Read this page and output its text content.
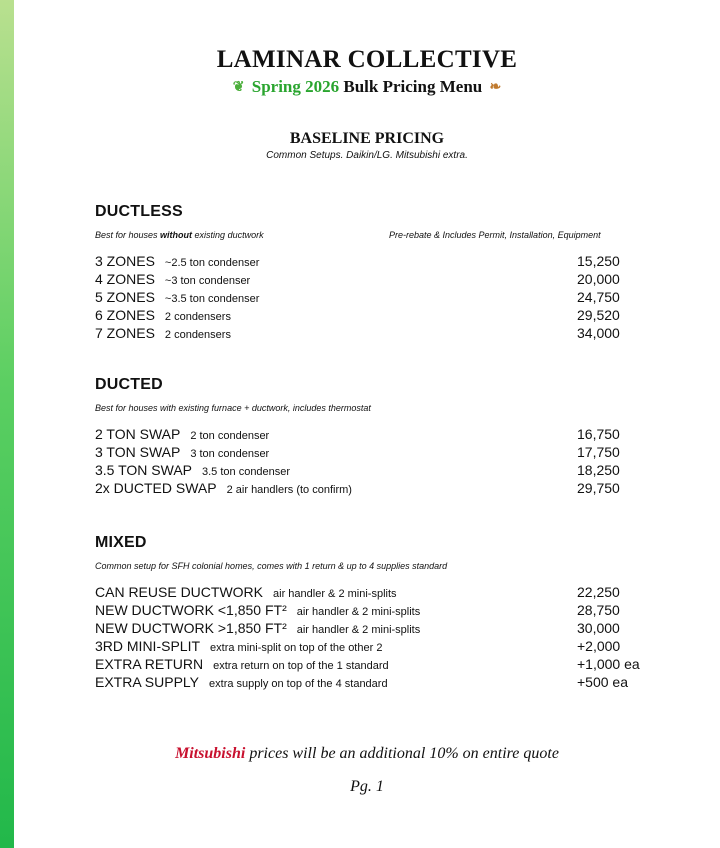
LAMINAR COLLECTIVE
❦ Spring 2026 Bulk Pricing Menu ❧
BASELINE PRICING
Common Setups. Daikin/LG. Mitsubishi extra.
DUCTLESS
Best for houses without existing ductwork	Pre-rebate & Includes Permit, Installation, Equipment
3 ZONES ~2.5 ton condenser	15,250
4 ZONES ~3 ton condenser	20,000
5 ZONES ~3.5 ton condenser	24,750
6 ZONES 2 condensers	29,520
7 ZONES 2 condensers	34,000
DUCTED
Best for houses with existing furnace + ductwork, includes thermostat
2 TON SWAP 2 ton condenser	16,750
3 TON SWAP 3 ton condenser	17,750
3.5 TON SWAP 3.5 ton condenser	18,250
2x DUCTED SWAP 2 air handlers (to confirm)	29,750
MIXED
Common setup for SFH colonial homes, comes with 1 return & up to 4 supplies standard
CAN REUSE DUCTWORK air handler & 2 mini-splits	22,250
NEW DUCTWORK <1,850 FT² air handler & 2 mini-splits	28,750
NEW DUCTWORK >1,850 FT² air handler & 2 mini-splits	30,000
3RD MINI-SPLIT extra mini-split on top of the other 2	+2,000
EXTRA RETURN extra return on top of the 1 standard	+1,000 ea
EXTRA SUPPLY extra supply on top of the 4 standard	+500 ea
Mitsubishi prices will be an additional 10% on entire quote
Pg. 1
